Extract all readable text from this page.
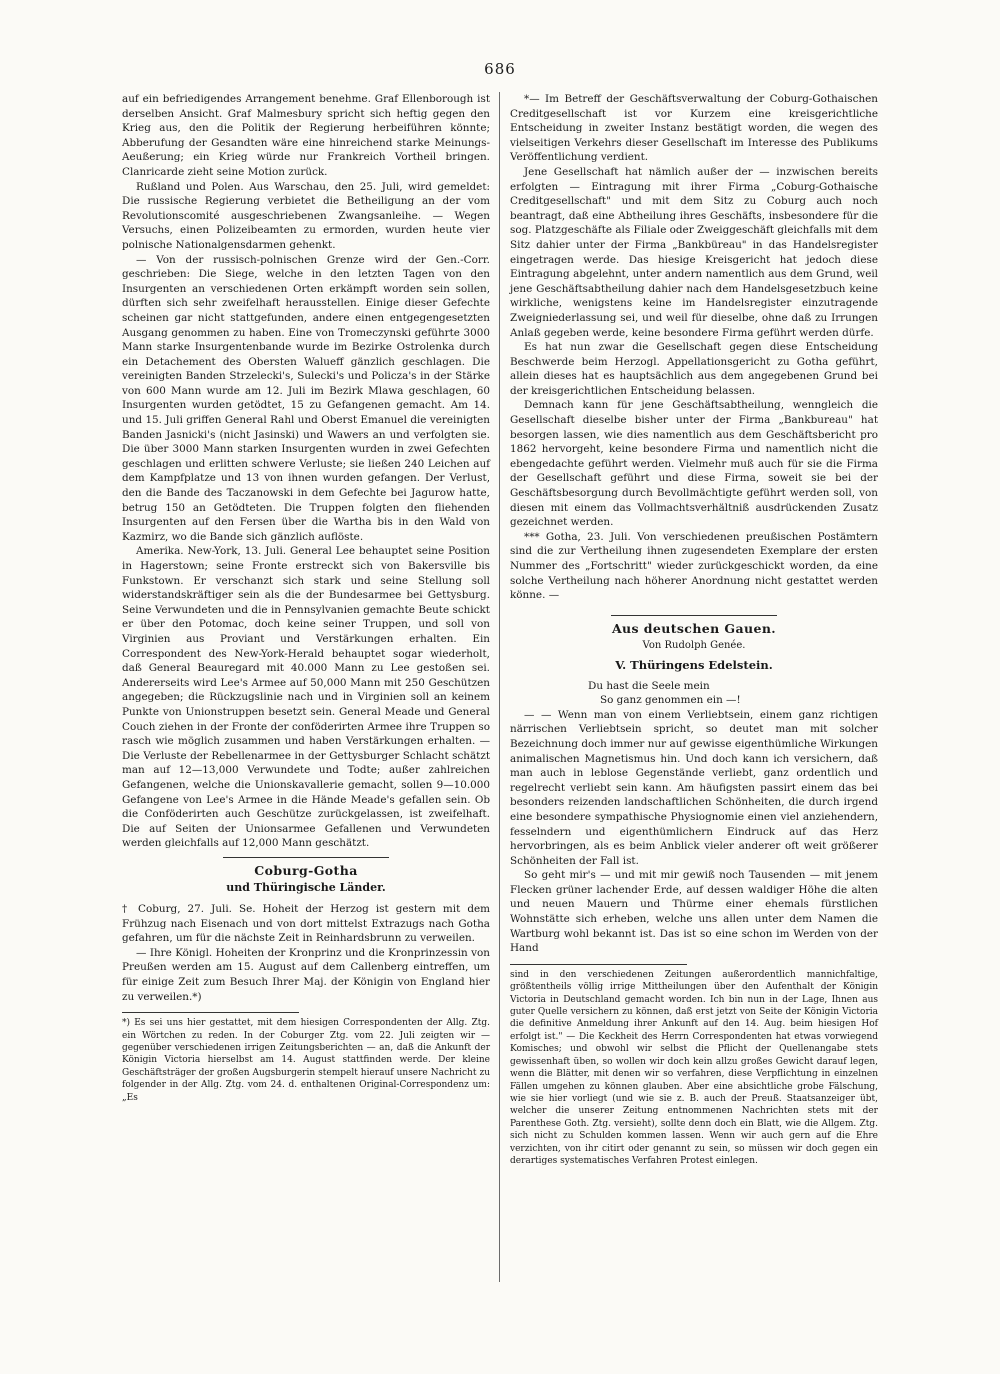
686

auf ein befriedigendes Arrangement benehme. Graf Ellenborough ist derselben Ansicht. Graf Malmesbury spricht sich heftig gegen den Krieg aus, den die Politik der Regierung herbeiführen könnte; Abberufung der Gesandten wäre eine hinreichend starke Meinungs-Aeußerung; ein Krieg würde nur Frankreich Vortheil bringen. Clanricarde zieht seine Motion zurück.

Rußland und Polen. Aus Warschau, den 25. Juli, wird gemeldet: Die russische Regierung verbietet die Betheiligung an der vom Revolutionscomité ausgeschriebenen Zwangsanleihe. — Wegen Versuchs, einen Polizeibeamten zu ermorden, wurden heute vier polnische Nationalgensdarmen gehenkt.

— Von der russisch-polnischen Grenze wird der Gen.-Corr. geschrieben: Die Siege, welche in den letzten Tagen von den Insurgenten an verschiedenen Orten erkämpft worden sein sollen, dürften sich sehr zweifelhaft herausstellen. Einige dieser Gefechte scheinen gar nicht stattgefunden, andere einen entgegengesetzten Ausgang genommen zu haben. Eine von Tromeczynski geführte 3000 Mann starke Insurgentenbande wurde im Bezirke Ostrolenka durch ein Detachement des Obersten Walueff gänzlich geschlagen. Die vereinigten Banden Strzelecki's, Sulecki's und Policza's in der Stärke von 600 Mann wurde am 12. Juli im Bezirk Mlawa geschlagen, 60 Insurgenten wurden getödtet, 15 zu Gefangenen gemacht. Am 14. und 15. Juli griffen General Rahl und Oberst Emanuel die vereinigten Banden Jasnicki's (nicht Jasinski) und Wawers an und verfolgten sie. Die über 3000 Mann starken Insurgenten wurden in zwei Gefechten geschlagen und erlitten schwere Verluste; sie ließen 240 Leichen auf dem Kampfplatze und 13 von ihnen wurden gefangen. Der Verlust, den die Bande des Taczanowski in dem Gefechte bei Jagurow hatte, betrug 150 an Getödteten. Die Truppen folgten den fliehenden Insurgenten auf den Fersen über die Wartha bis in den Wald von Kazmirz, wo die Bande sich gänzlich auflöste.

Amerika. New-York, 13. Juli. General Lee behauptet seine Position in Hagerstown; seine Fronte erstreckt sich von Bakersville bis Funkstown. Er verschanzt sich stark und seine Stellung soll widerstandskräftiger sein als die der Bundesarmee bei Gettysburg. Seine Verwundeten und die in Pennsylvanien gemachte Beute schickt er über den Potomac, doch keine seiner Truppen, und soll von Virginien aus Proviant und Verstärkungen erhalten. Ein Correspondent des New-York-Herald behauptet sogar wiederholt, daß General Beauregard mit 40.000 Mann zu Lee gestoßen sei. Andererseits wird Lee's Armee auf 50,000 Mann mit 250 Geschützen angegeben; die Rückzugslinie nach und in Virginien soll an keinem Punkte von Unionstruppen besetzt sein. General Meade und General Couch ziehen in der Fronte der conföderirten Armee ihre Truppen so rasch wie möglich zusammen und haben Verstärkungen erhalten. — Die Verluste der Rebellenarmee in der Gettysburger Schlacht schätzt man auf 12—13,000 Verwundete und Todte; außer zahlreichen Gefangenen, welche die Unionskavallerie gemacht, sollen 9—10.000 Gefangene von Lee's Armee in die Hände Meade's gefallen sein. Ob die Conföderirten auch Geschütze zurückgelassen, ist zweifelhaft. Die auf Seiten der Unionsarmee Gefallenen und Verwundeten werden gleichfalls auf 12,000 Mann geschätzt.

Coburg-Gotha
und Thüringische Länder.

† Coburg, 27. Juli. Se. Hoheit der Herzog ist gestern mit dem Frühzug nach Eisenach und von dort mittelst Extrazugs nach Gotha gefahren, um für die nächste Zeit in Reinhardsbrunn zu verweilen.

— Ihre Königl. Hoheiten der Kronprinz und die Kronprinzessin von Preußen werden am 15. August auf dem Callenberg eintreffen, um für einige Zeit zum Besuch Ihrer Maj. der Königin von England hier zu verweilen.*)

*) Es sei uns hier gestattet, mit dem hiesigen Correspondenten der Allg. Ztg. ein Wörtchen zu reden. In der Coburger Ztg. vom 22. Juli zeigten wir — gegenüber verschiedenen irrigen Zeitungsberichten — an, daß die Ankunft der Königin Victoria hierselbst am 14. August stattfinden werde. Der kleine Geschäftsträger der großen Augsburgerin stempelt hierauf unsere Nachricht zu folgender in der Allg. Ztg. vom 24. d. enthaltenen Original-Correspondenz um: „Es

*— Im Betreff der Geschäftsverwaltung der Coburg-Gothaischen Creditgesellschaft ist vor Kurzem eine kreisgerichtliche Entscheidung in zweiter Instanz bestätigt worden, die wegen des vielseitigen Verkehrs dieser Gesellschaft im Interesse des Publikums Veröffentlichung verdient.

Jene Gesellschaft hat nämlich außer der — inzwischen bereits erfolgten — Eintragung mit ihrer Firma „Coburg-Gothaische Creditgesellschaft" und mit dem Sitz zu Coburg auch noch beantragt, daß eine Abtheilung ihres Geschäfts, insbesondere für die sog. Platzgeschäfte als Filiale oder Zweiggeschäft gleichfalls mit dem Sitz dahier unter der Firma „Bankbüreau" in das Handelsregister eingetragen werde. Das hiesige Kreisgericht hat jedoch diese Eintragung abgelehnt, unter andern namentlich aus dem Grund, weil jene Geschäftsabtheilung dahier nach dem Handelsgesetzbuch keine wirkliche, wenigstens keine im Handelsregister einzutragende Zweigniederlassung sei, und weil für dieselbe, ohne daß zu Irrungen Anlaß gegeben werde, keine besondere Firma geführt werden dürfe.

Es hat nun zwar die Gesellschaft gegen diese Entscheidung Beschwerde beim Herzogl. Appellationsgericht zu Gotha geführt, allein dieses hat es hauptsächlich aus dem angegebenen Grund bei der kreisgerichtlichen Entscheidung belassen.

Demnach kann für jene Geschäftsabtheilung, wenngleich die Gesellschaft dieselbe bisher unter der Firma „Bankbureau" hat besorgen lassen, wie dies namentlich aus dem Geschäftsbericht pro 1862 hervorgeht, keine besondere Firma und namentlich nicht die ebengedachte geführt werden. Vielmehr muß auch für sie die Firma der Gesellschaft geführt und diese Firma, soweit sie bei der Geschäftsbesorgung durch Bevollmächtigte geführt werden soll, von diesen mit einem das Vollmachtsverhältniß ausdrückenden Zusatz gezeichnet werden.

*** Gotha, 23. Juli. Von verschiedenen preußischen Postämtern sind die zur Vertheilung ihnen zugesendeten Exemplare der ersten Nummer des „Fortschritt" wieder zurückgeschickt worden, da eine solche Vertheilung nach höherer Anordnung nicht gestattet werden könne. —

Aus deutschen Gauen.
Von Rudolph Genée.
V. Thüringens Edelstein.
Du hast die Seele mein
So ganz genommen ein —!

— — Wenn man von einem Verliebtsein, einem ganz richtigen närrischen Verliebtsein spricht, so deutet man mit solcher Bezeichnung doch immer nur auf gewisse eigenthümliche Wirkungen animalischen Magnetismus hin. Und doch kann ich versichern, daß man auch in leblose Gegenstände verliebt, ganz ordentlich und regelrecht verliebt sein kann. Am häufigsten passirt einem das bei besonders reizenden landschaftlichen Schönheiten, die durch irgend eine besondere sympathische Physiognomie einen viel anziehendern, fesselndern und eigenthümlichern Eindruck auf das Herz hervorbringen, als es beim Anblick vieler anderer oft weit größerer Schönheiten der Fall ist.

So geht mir's — und mit mir gewiß noch Tausenden — mit jenem Flecken grüner lachender Erde, auf dessen waldiger Höhe die alten und neuen Mauern und Thürme einer ehemals fürstlichen Wohnstätte sich erheben, welche uns allen unter dem Namen die Wartburg wohl bekannt ist. Das ist so eine schon im Werden von der Hand

sind in den verschiedenen Zeitungen außerordentlich mannichfaltige, größtentheils völlig irrige Mittheilungen über den Aufenthalt der Königin Victoria in Deutschland gemacht worden. Ich bin nun in der Lage, Ihnen aus guter Quelle versichern zu können, daß erst jetzt von Seite der Königin Victoria die definitive Anmeldung ihrer Ankunft auf den 14. Aug. beim hiesigen Hof erfolgt ist." — Die Keckheit des Herrn Correspondenten hat etwas vorwiegend Komisches; und obwohl wir selbst die Pflicht der Quellenangabe stets gewissenhaft üben, so wollen wir doch kein allzu großes Gewicht darauf legen, wenn die Blätter, mit denen wir so verfahren, diese Verpflichtung in einzelnen Fällen umgehen zu können glauben. Aber eine absichtliche grobe Fälschung, wie sie hier vorliegt (und wie sie z. B. auch der Preuß. Staatsanzeiger übt, welcher die unserer Zeitung entnommenen Nachrichten stets mit der Parenthese Goth. Ztg. versieht), sollte denn doch ein Blatt, wie die Allgem. Ztg. sich nicht zu Schulden kommen lassen. Wenn wir auch gern auf die Ehre verzichten, von ihr citirt oder genannt zu sein, so müssen wir doch gegen ein derartiges systematisches Verfahren Protest einlegen.
